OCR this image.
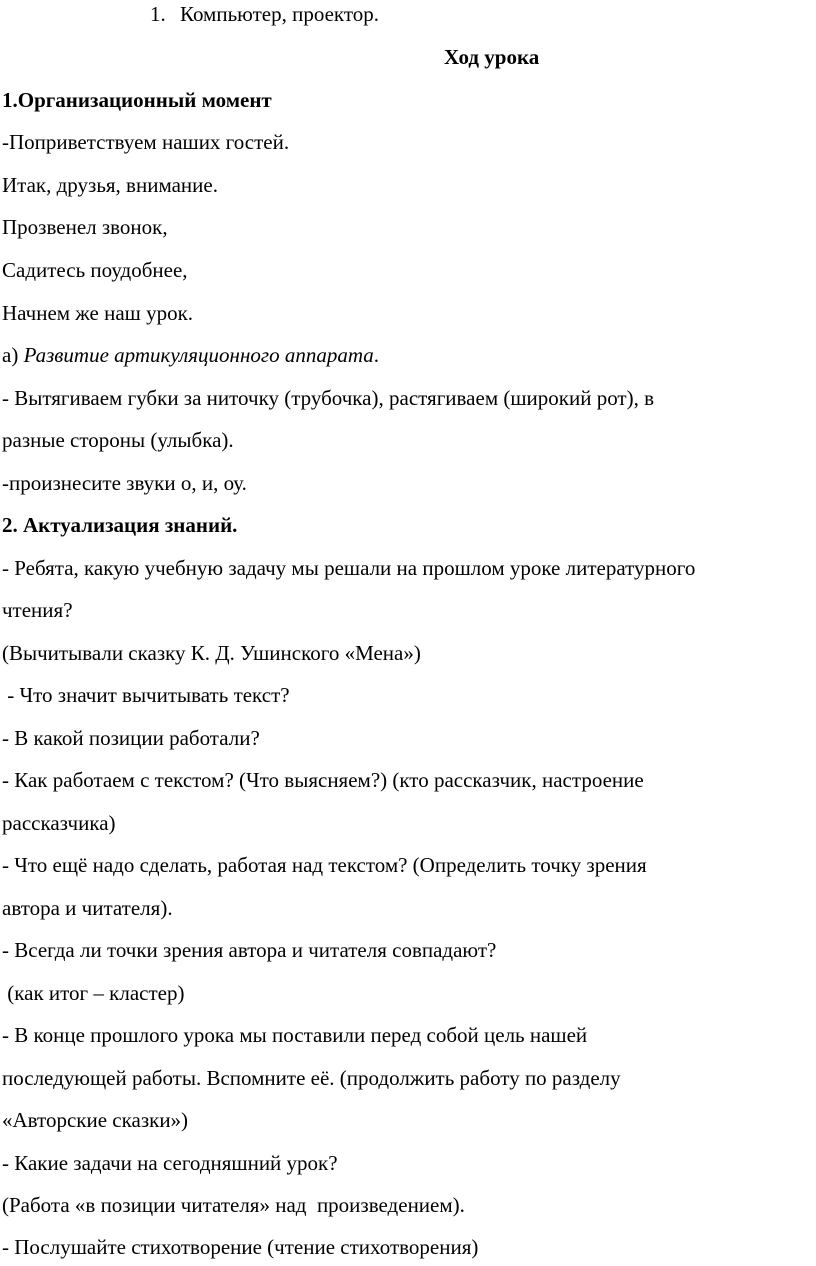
1. Компьютер, проектор.
Ход урока
1.Организационный момент
-Поприветствуем наших гостей.
Итак, друзья, внимание.
Прозвенел звонок,
Садитесь поудобнее,
Начнем же наш урок.
а) Развитие артикуляционного аппарата.
- Вытягиваем губки за ниточку (трубочка), растягиваем (широкий рот), в
разные стороны (улыбка).
-произнесите звуки о, и, оу.
2. Актуализация знаний.
- Ребята, какую учебную задачу мы решали на прошлом уроке литературного
чтения?
(Вычитывали сказку К. Д. Ушинского «Мена»)
- Что значит вычитывать текст?
- В какой позиции работали?
- Как работаем с текстом? (Что выясняем?) (кто рассказчик, настроение
рассказчика)
- Что ещё надо сделать, работая над текстом? (Определить точку зрения
автора и читателя).
- Всегда ли точки зрения автора и читателя совпадают?
(как итог – кластер)
- В конце прошлого урока мы поставили перед собой цель нашей
последующей работы. Вспомните её. (продолжить работу по разделу
«Авторские сказки»)
- Какие задачи на сегодняшний урок?
(Работа «в позиции читателя» над  произведением).
- Послушайте стихотворение (чтение стихотворения)
